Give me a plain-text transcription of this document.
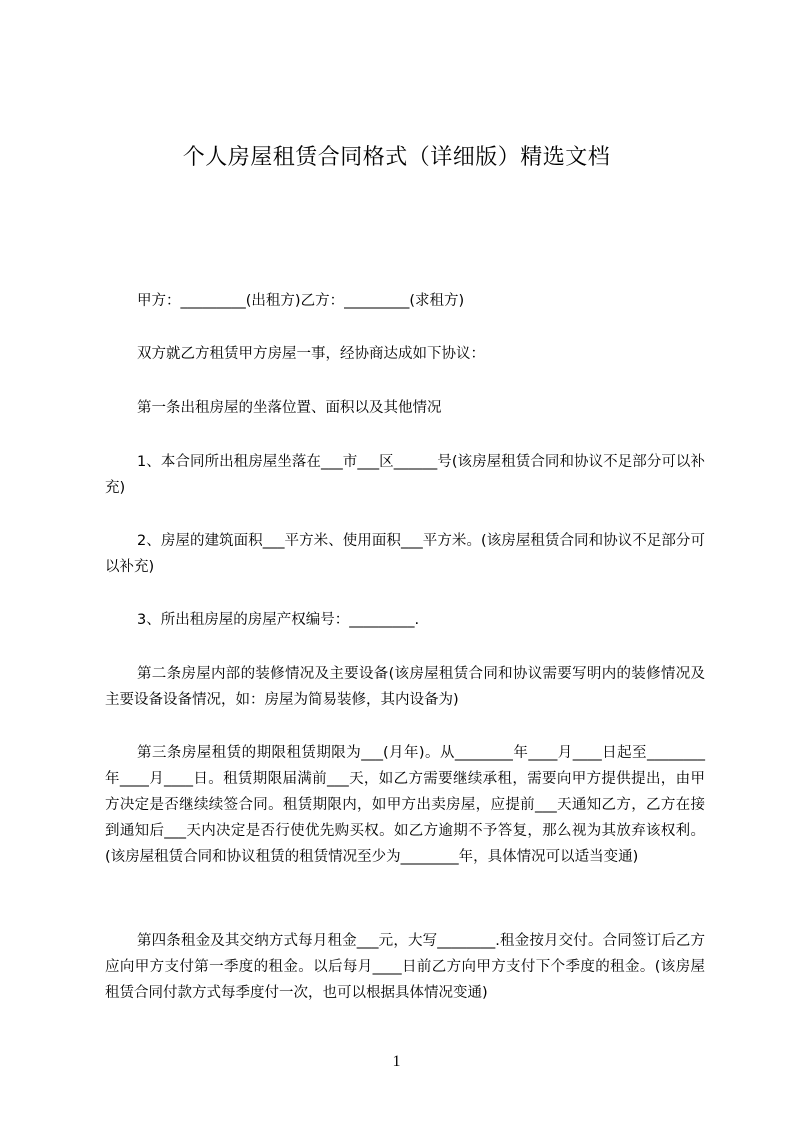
个人房屋租赁合同格式（详细版）精选文档
甲方：_________(出租方)乙方：_________(求租方)
双方就乙方租赁甲方房屋一事，经协商达成如下协议：
第一条出租房屋的坐落位置、面积以及其他情况
1、本合同所出租房屋坐落在___市___区______号(该房屋租赁合同和协议不足部分可以补充)
2、房屋的建筑面积___平方米、使用面积___平方米。(该房屋租赁合同和协议不足部分可以补充)
3、所出租房屋的房屋产权编号：_________.
第二条房屋内部的装修情况及主要设备(该房屋租赁合同和协议需要写明内的装修情况及主要设备设备情况，如：房屋为简易装修，其内设备为)
第三条房屋租赁的期限租赁期限为___(月年)。从________年____月____日起至________年____月____日。租赁期限届满前___天，如乙方需要继续承租，需要向甲方提供提出，由甲方决定是否继续续签合同。租赁期限内，如甲方出卖房屋，应提前___天通知乙方，乙方在接到通知后___天内决定是否行使优先购买权。如乙方逾期不予答复，那么视为其放弃该权利。(该房屋租赁合同和协议租赁的租赁情况至少为________年，具体情况可以适当变通)
第四条租金及其交纳方式每月租金___元，大写________.租金按月交付。合同签订后乙方应向甲方支付第一季度的租金。以后每月____日前乙方向甲方支付下个季度的租金。(该房屋租赁合同付款方式每季度付一次，也可以根据具体情况变通)
1
